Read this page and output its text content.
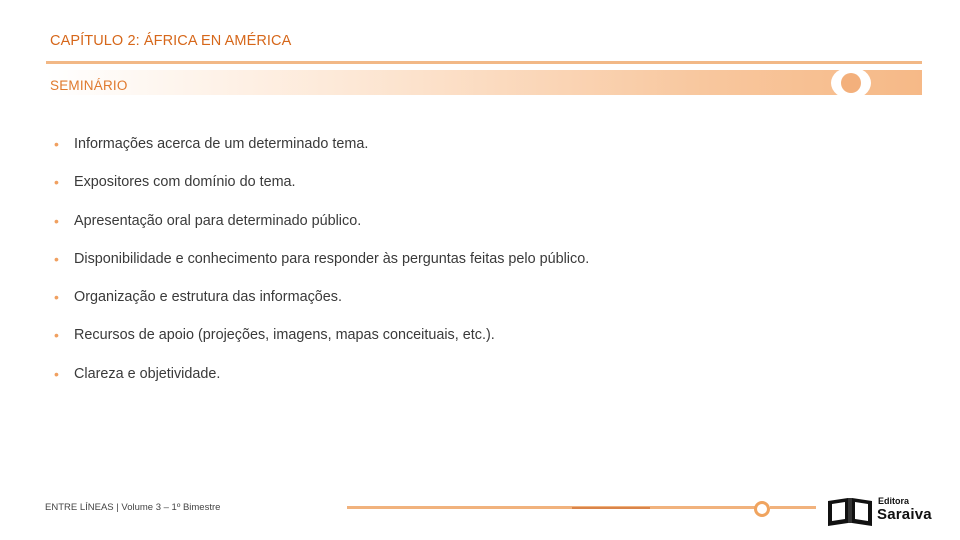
CAPÍTULO 2: ÁFRICA EN AMÉRICA
SEMINÁRIO
• Informações acerca de um determinado tema.
• Expositores com domínio do tema.
• Apresentação oral para determinado público.
• Disponibilidade e conhecimento para responder às perguntas feitas pelo público.
• Organização e estrutura das informações.
• Recursos de apoio (projeções, imagens, mapas conceituais, etc.).
• Clareza e objetividade.
ENTRE LÍNEAS | Volume 3 – 1º Bimestre
Editora
Saraiva
